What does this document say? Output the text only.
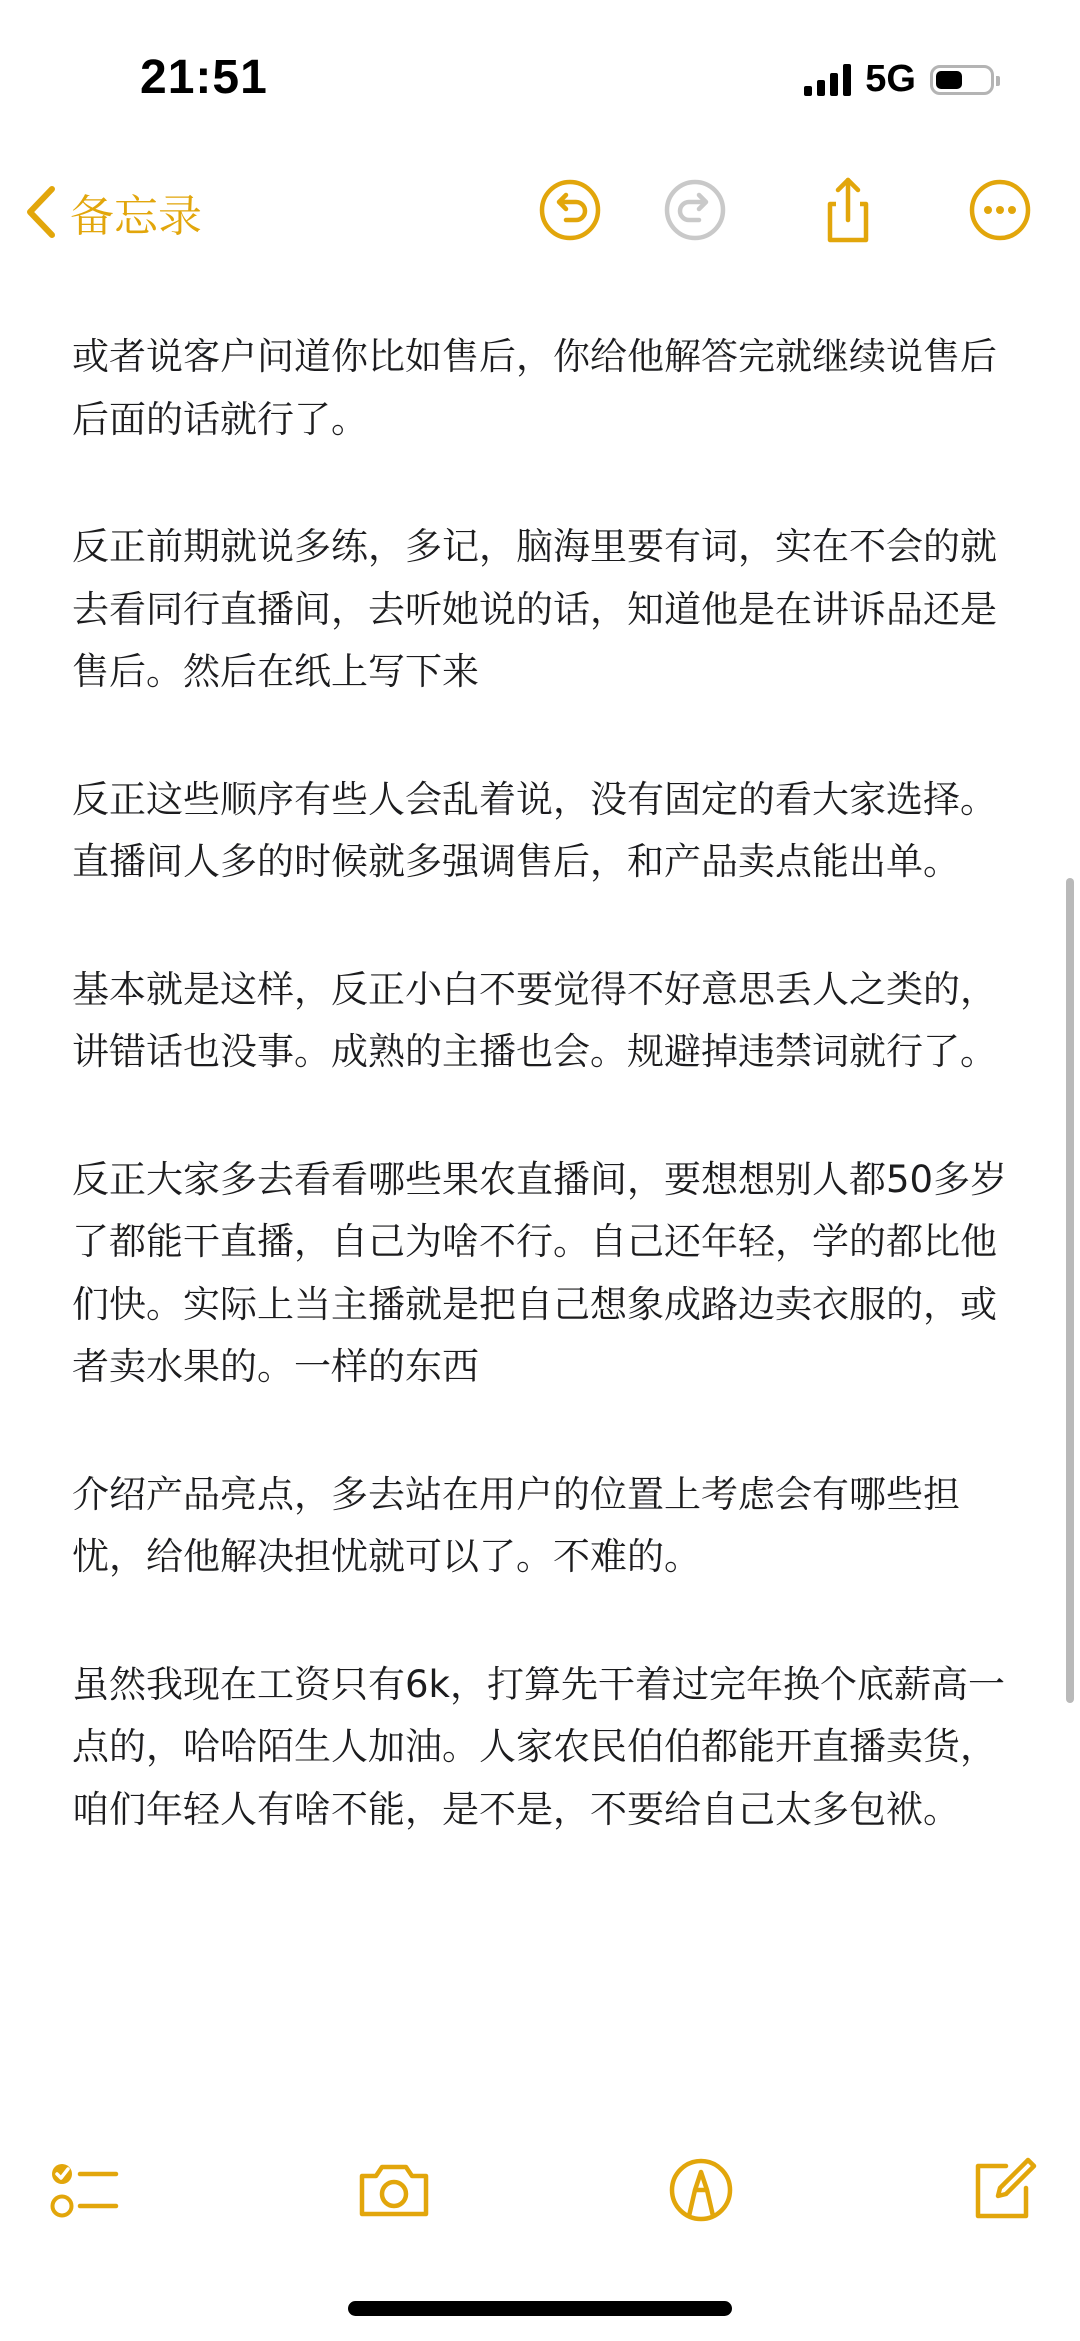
21:51	5G
备忘录

或者说客户问道你比如售后，你给他解答完就继续说售后后面的话就行了。

反正前期就说多练，多记，脑海里要有词，实在不会的就去看同行直播间，去听她说的话，知道他是在讲诉品还是售后。然后在纸上写下来

反正这些顺序有些人会乱着说，没有固定的看大家选择。直播间人多的时候就多强调售后，和产品卖点能出单。

基本就是这样，反正小白不要觉得不好意思丢人之类的，讲错话也没事。成熟的主播也会。规避掉违禁词就行了。

反正大家多去看看哪些果农直播间，要想想别人都50多岁了都能干直播，自己为啥不行。自己还年轻，学的都比他们快。实际上当主播就是把自己想象成路边卖衣服的，或者卖水果的。一样的东西

介绍产品亮点，多去站在用户的位置上考虑会有哪些担忧，给他解决担忧就可以了。不难的。

虽然我现在工资只有6k，打算先干着过完年换个底薪高一点的，哈哈陌生人加油。人家农民伯伯都能开直播卖货，咱们年轻人有啥不能，是不是，不要给自己太多包袱。
